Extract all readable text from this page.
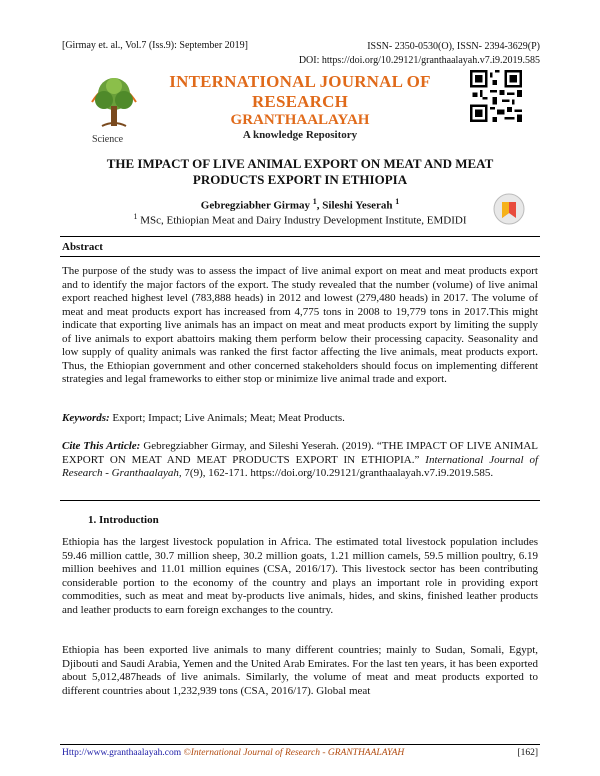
[Girmay et. al., Vol.7 (Iss.9): September 2019]	ISSN- 2350-0530(O), ISSN- 2394-3629(P)
DOI: https://doi.org/10.29121/granthaalayah.v7.i9.2019.585
INTERNATIONAL JOURNAL OF RESEARCH
GRANTHAALAYAH
A knowledge Repository
Science
THE IMPACT OF LIVE ANIMAL EXPORT ON MEAT AND MEAT
PRODUCTS EXPORT IN ETHIOPIA
Gebregziabher Girmay $^1$, Sileshi Yeserah $^1$
$^1$ MSc, Ethiopian Meat and Dairy Industry Development Institute, EMDIDI
Abstract
The purpose of the study was to assess the impact of live animal export on meat and meat products export and to identify the major factors of the export. The study revealed that the number (volume) of live animal export reached highest level (783,888 heads) in 2012 and lowest (279,480 heads) in 2017. The volume of meat and meat products export has increased from 4,775 tons in 2008 to 19,779 tons in 2017.This might indicate that exporting live animals has an impact on meat and meat products export by limiting the supply of live animals to export abattoirs making them perform below their processing capacity. Seasonality and low supply of quality animals was ranked the first factor affecting the live animals, meat products export. Thus, the Ethiopian government and other concerned stakeholders should focus on implementing different strategies and legal frameworks to either stop or minimize live animal trade and export.
Keywords: Export; Impact; Live Animals; Meat; Meat Products.
Cite This Article: Gebregziabher Girmay, and Sileshi Yeserah. (2019). “THE IMPACT OF LIVE ANIMAL EXPORT ON MEAT AND MEAT PRODUCTS EXPORT IN ETHIOPIA.” International Journal of Research - Granthaalayah, 7(9), 162-171. https://doi.org/10.29121/granthaalayah.v7.i9.2019.585.
1. Introduction
Ethiopia has the largest livestock population in Africa. The estimated total livestock population includes 59.46 million cattle, 30.7 million sheep, 30.2 million goats, 1.21 million camels, 59.5 million poultry, 6.19 million beehives and 11.01 million equines (CSA, 2016/17). This livestock sector has been contributing considerable portion to the economy of the country and plays an important role in providing export commodities, such as meat and meat by-products live animals, hides, and skins, finished leather products and leather products to earn foreign exchanges to the country.
Ethiopia has been exported live animals to many different countries; mainly to Sudan, Somali, Egypt, Djibouti and Saudi Arabia, Yemen and the United Arab Emirates. For the last ten years, it has been exported about 5,012,487heads of live animals. Similarly, the volume of meat and meat products exported to different countries about 1,232,939 tons (CSA, 2016/17). Global meat
Http://www.granthaalayah.com ©International Journal of Research - GRANTHAALAYAH	[162]
